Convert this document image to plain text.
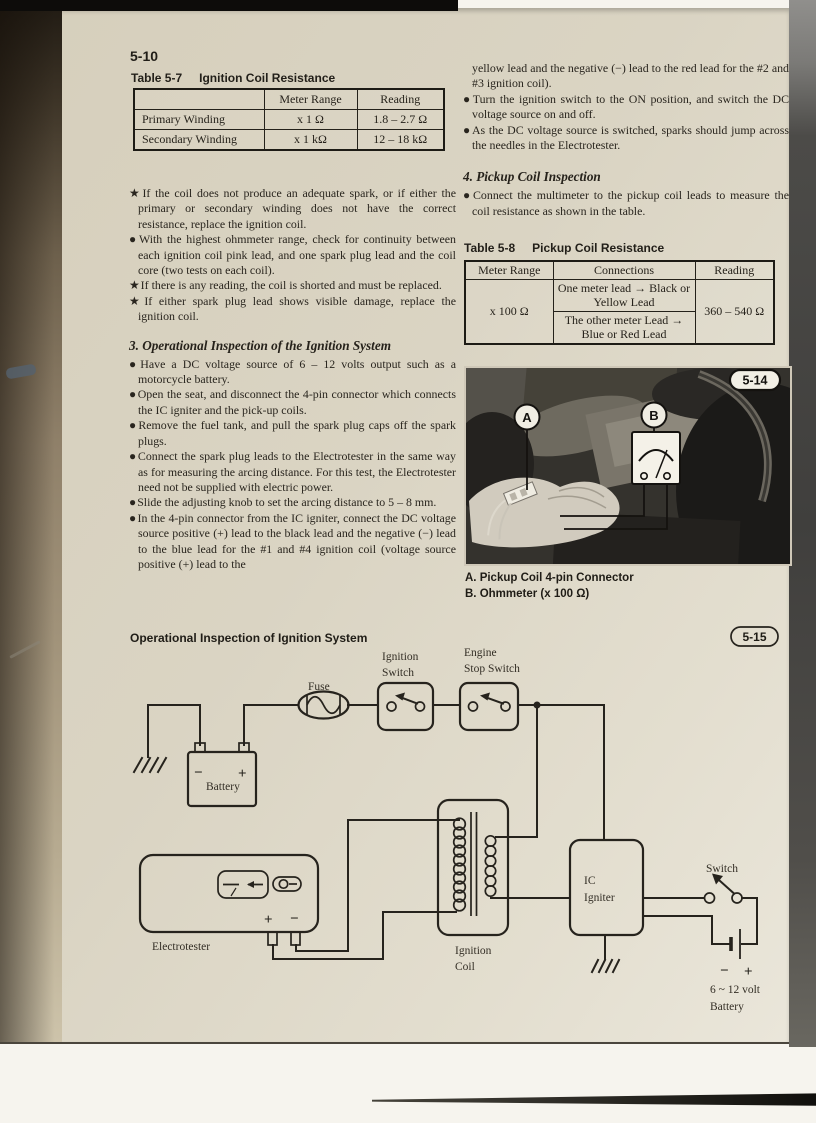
5-10
Table 5-7 Ignition Coil Resistance
	Meter Range	Reading
Primary Winding	x 1 Ω	1.8 – 2.7 Ω
Secondary Winding	x 1 kΩ	12 – 18 kΩ

★If the coil does not produce an adequate spark, or if either the primary or secondary winding does not have the correct resistance, replace the ignition coil.

●With the highest ohmmeter range, check for continuity between each ignition coil pink lead, and one spark plug lead and the coil core (two tests on each coil).

★If there is any reading, the coil is shorted and must be replaced.

★If either spark plug lead shows visible damage, replace the ignition coil.

3. Operational Inspection of the Ignition System

●Have a DC voltage source of 6 – 12 volts output such as a motorcycle battery.

●Open the seat, and disconnect the 4-pin connector which connects the IC igniter and the pick-up coils.

●Remove the fuel tank, and pull the spark plug caps off the spark plugs.

●Connect the spark plug leads to the Electrotester in the same way as for measuring the arcing distance. For this test, the Electrotester need not be supplied with electric power.

●Slide the adjusting knob to set the arcing distance to 5 – 8 mm.

●In the 4-pin connector from the IC igniter, connect the DC voltage source positive (+) lead to the black lead and the negative (−) lead to the blue lead for the #1 and #4 ignition coil (voltage source positive (+) lead to the

yellow lead and the negative (−) lead to the red lead for the #2 and #3 ignition coil).

●Turn the ignition switch to the ON position, and switch the DC voltage source on and off.

●As the DC voltage source is switched, sparks should jump across the needles in the Electrotester.

4. Pickup Coil Inspection

●Connect the multimeter to the pickup coil leads to measure the coil resistance as shown in the table.

Table 5-8 Pickup Coil Resistance
Meter Range	Connections	Reading
x 100 Ω	One meter lead → Black or Yellow Lead	360 – 540 Ω
	The other meter Lead → Blue or Red Lead	
A	B
5-14
A. Pickup Coil 4-pin Connector
B. Ohmmeter (x 100 Ω)
Operational Inspection of Ignition System	5-15
− +
Battery
Fuse
Ignition
Switch
Engine
Stop Switch
+ −
Electrotester	Ignition
Coil
IC
Igniter
Switch
− +
6 ~ 12 volt
Battery
